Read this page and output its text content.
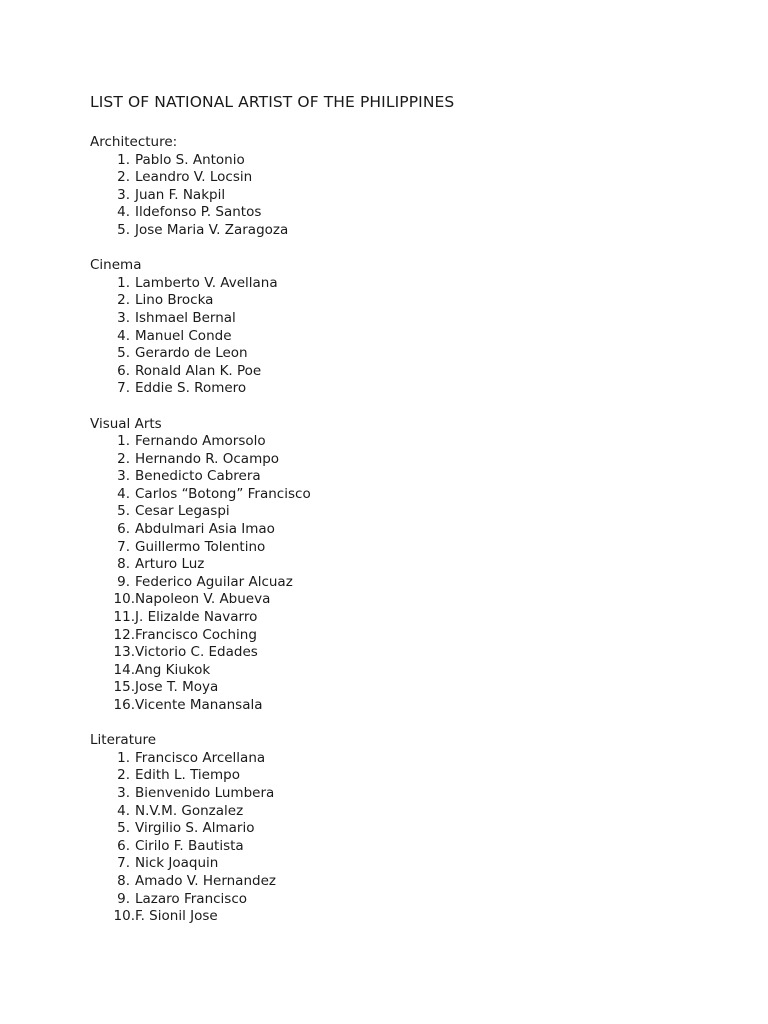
LIST OF NATIONAL ARTIST OF THE PHILIPPINES
Architecture:
1. Pablo S. Antonio
2. Leandro V. Locsin
3. Juan F. Nakpil
4. Ildefonso P. Santos
5. Jose Maria V. Zaragoza
Cinema
1. Lamberto V. Avellana
2. Lino Brocka
3. Ishmael Bernal
4. Manuel Conde
5. Gerardo de Leon
6. Ronald Alan K. Poe
7. Eddie S. Romero
Visual Arts
1. Fernando Amorsolo
2. Hernando R. Ocampo
3. Benedicto Cabrera
4. Carlos “Botong” Francisco
5. Cesar Legaspi
6. Abdulmari Asia Imao
7. Guillermo Tolentino
8. Arturo Luz
9. Federico Aguilar Alcuaz
10.Napoleon V. Abueva
11.J. Elizalde Navarro
12.Francisco Coching
13.Victorio C. Edades
14.Ang Kiukok
15.Jose T. Moya
16.Vicente Manansala
Literature
1. Francisco Arcellana
2. Edith L. Tiempo
3. Bienvenido Lumbera
4. N.V.M. Gonzalez
5. Virgilio S. Almario
6. Cirilo F. Bautista
7. Nick Joaquin
8. Amado V. Hernandez
9. Lazaro Francisco
10.F. Sionil Jose
